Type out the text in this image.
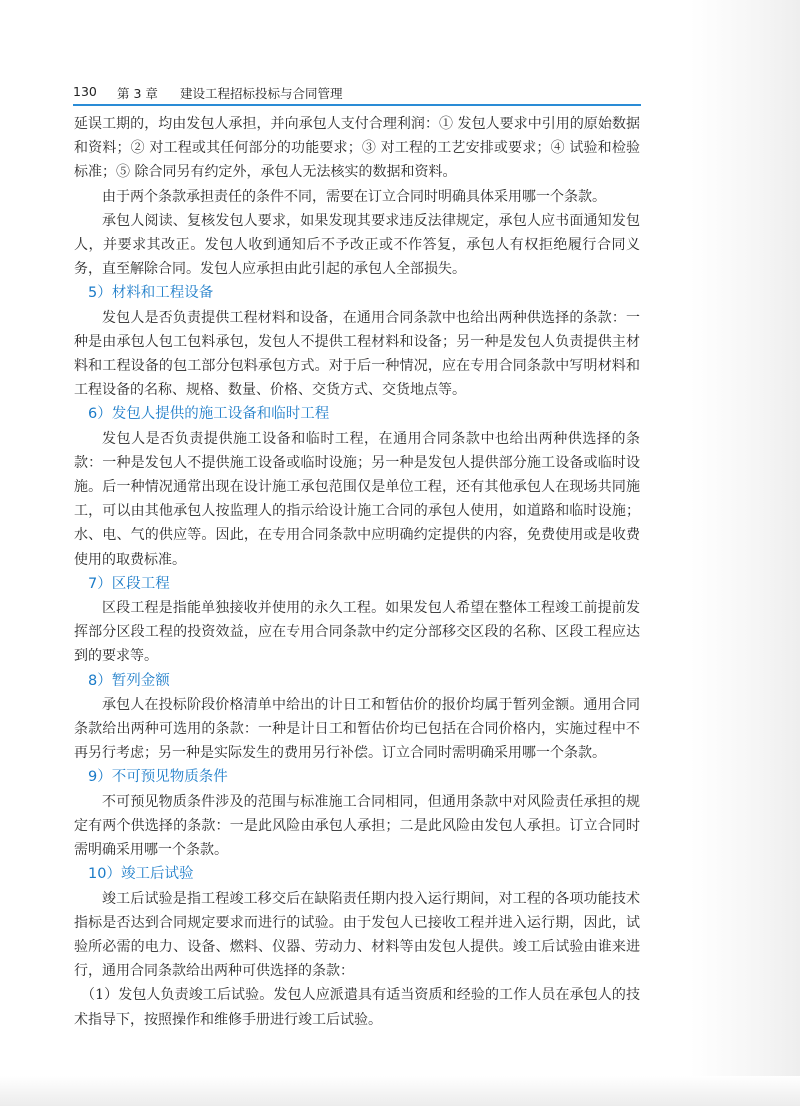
130 第 3 章 建设工程招标投标与合同管理

延误工期的，均由发包人承担，并向承包人支付合理利润：① 发包人要求中引用的原始数据和资料；② 对工程或其任何部分的功能要求；③ 对工程的工艺安排或要求；④ 试验和检验标准；⑤ 除合同另有约定外，承包人无法核实的数据和资料。

由于两个条款承担责任的条件不同，需要在订立合同时明确具体采用哪一个条款。

承包人阅读、复核发包人要求，如果发现其要求违反法律规定，承包人应书面通知发包人，并要求其改正。发包人收到通知后不予改正或不作答复，承包人有权拒绝履行合同义务，直至解除合同。发包人应承担由此引起的承包人全部损失。

5）材料和工程设备

发包人是否负责提供工程材料和设备，在通用合同条款中也给出两种供选择的条款：一种是由承包人包工包料承包，发包人不提供工程材料和设备；另一种是发包人负责提供主材料和工程设备的包工部分包料承包方式。对于后一种情况，应在专用合同条款中写明材料和工程设备的名称、规格、数量、价格、交货方式、交货地点等。

6）发包人提供的施工设备和临时工程

发包人是否负责提供施工设备和临时工程，在通用合同条款中也给出两种供选择的条款：一种是发包人不提供施工设备或临时设施；另一种是发包人提供部分施工设备或临时设施。后一种情况通常出现在设计施工承包范围仅是单位工程，还有其他承包人在现场共同施工，可以由其他承包人按监理人的指示给设计施工合同的承包人使用，如道路和临时设施；水、电、气的供应等。因此，在专用合同条款中应明确约定提供的内容，免费使用或是收费使用的取费标准。

7）区段工程

区段工程是指能单独接收并使用的永久工程。如果发包人希望在整体工程竣工前提前发挥部分区段工程的投资效益，应在专用合同条款中约定分部移交区段的名称、区段工程应达到的要求等。

8）暂列金额

承包人在投标阶段价格清单中给出的计日工和暂估价的报价均属于暂列金额。通用合同条款给出两种可选用的条款：一种是计日工和暂估价均已包括在合同价格内，实施过程中不再另行考虑；另一种是实际发生的费用另行补偿。订立合同时需明确采用哪一个条款。

9）不可预见物质条件

不可预见物质条件涉及的范围与标准施工合同相同，但通用条款中对风险责任承担的规定有两个供选择的条款：一是此风险由承包人承担；二是此风险由发包人承担。订立合同时需明确采用哪一个条款。

10）竣工后试验

竣工后试验是指工程竣工移交后在缺陷责任期内投入运行期间，对工程的各项功能技术指标是否达到合同规定要求而进行的试验。由于发包人已接收工程并进入运行期，因此，试验所必需的电力、设备、燃料、仪器、劳动力、材料等由发包人提供。竣工后试验由谁来进行，通用合同条款给出两种可供选择的条款：

（1）发包人负责竣工后试验。发包人应派遣具有适当资质和经验的工作人员在承包人的技术指导下，按照操作和维修手册进行竣工后试验。
